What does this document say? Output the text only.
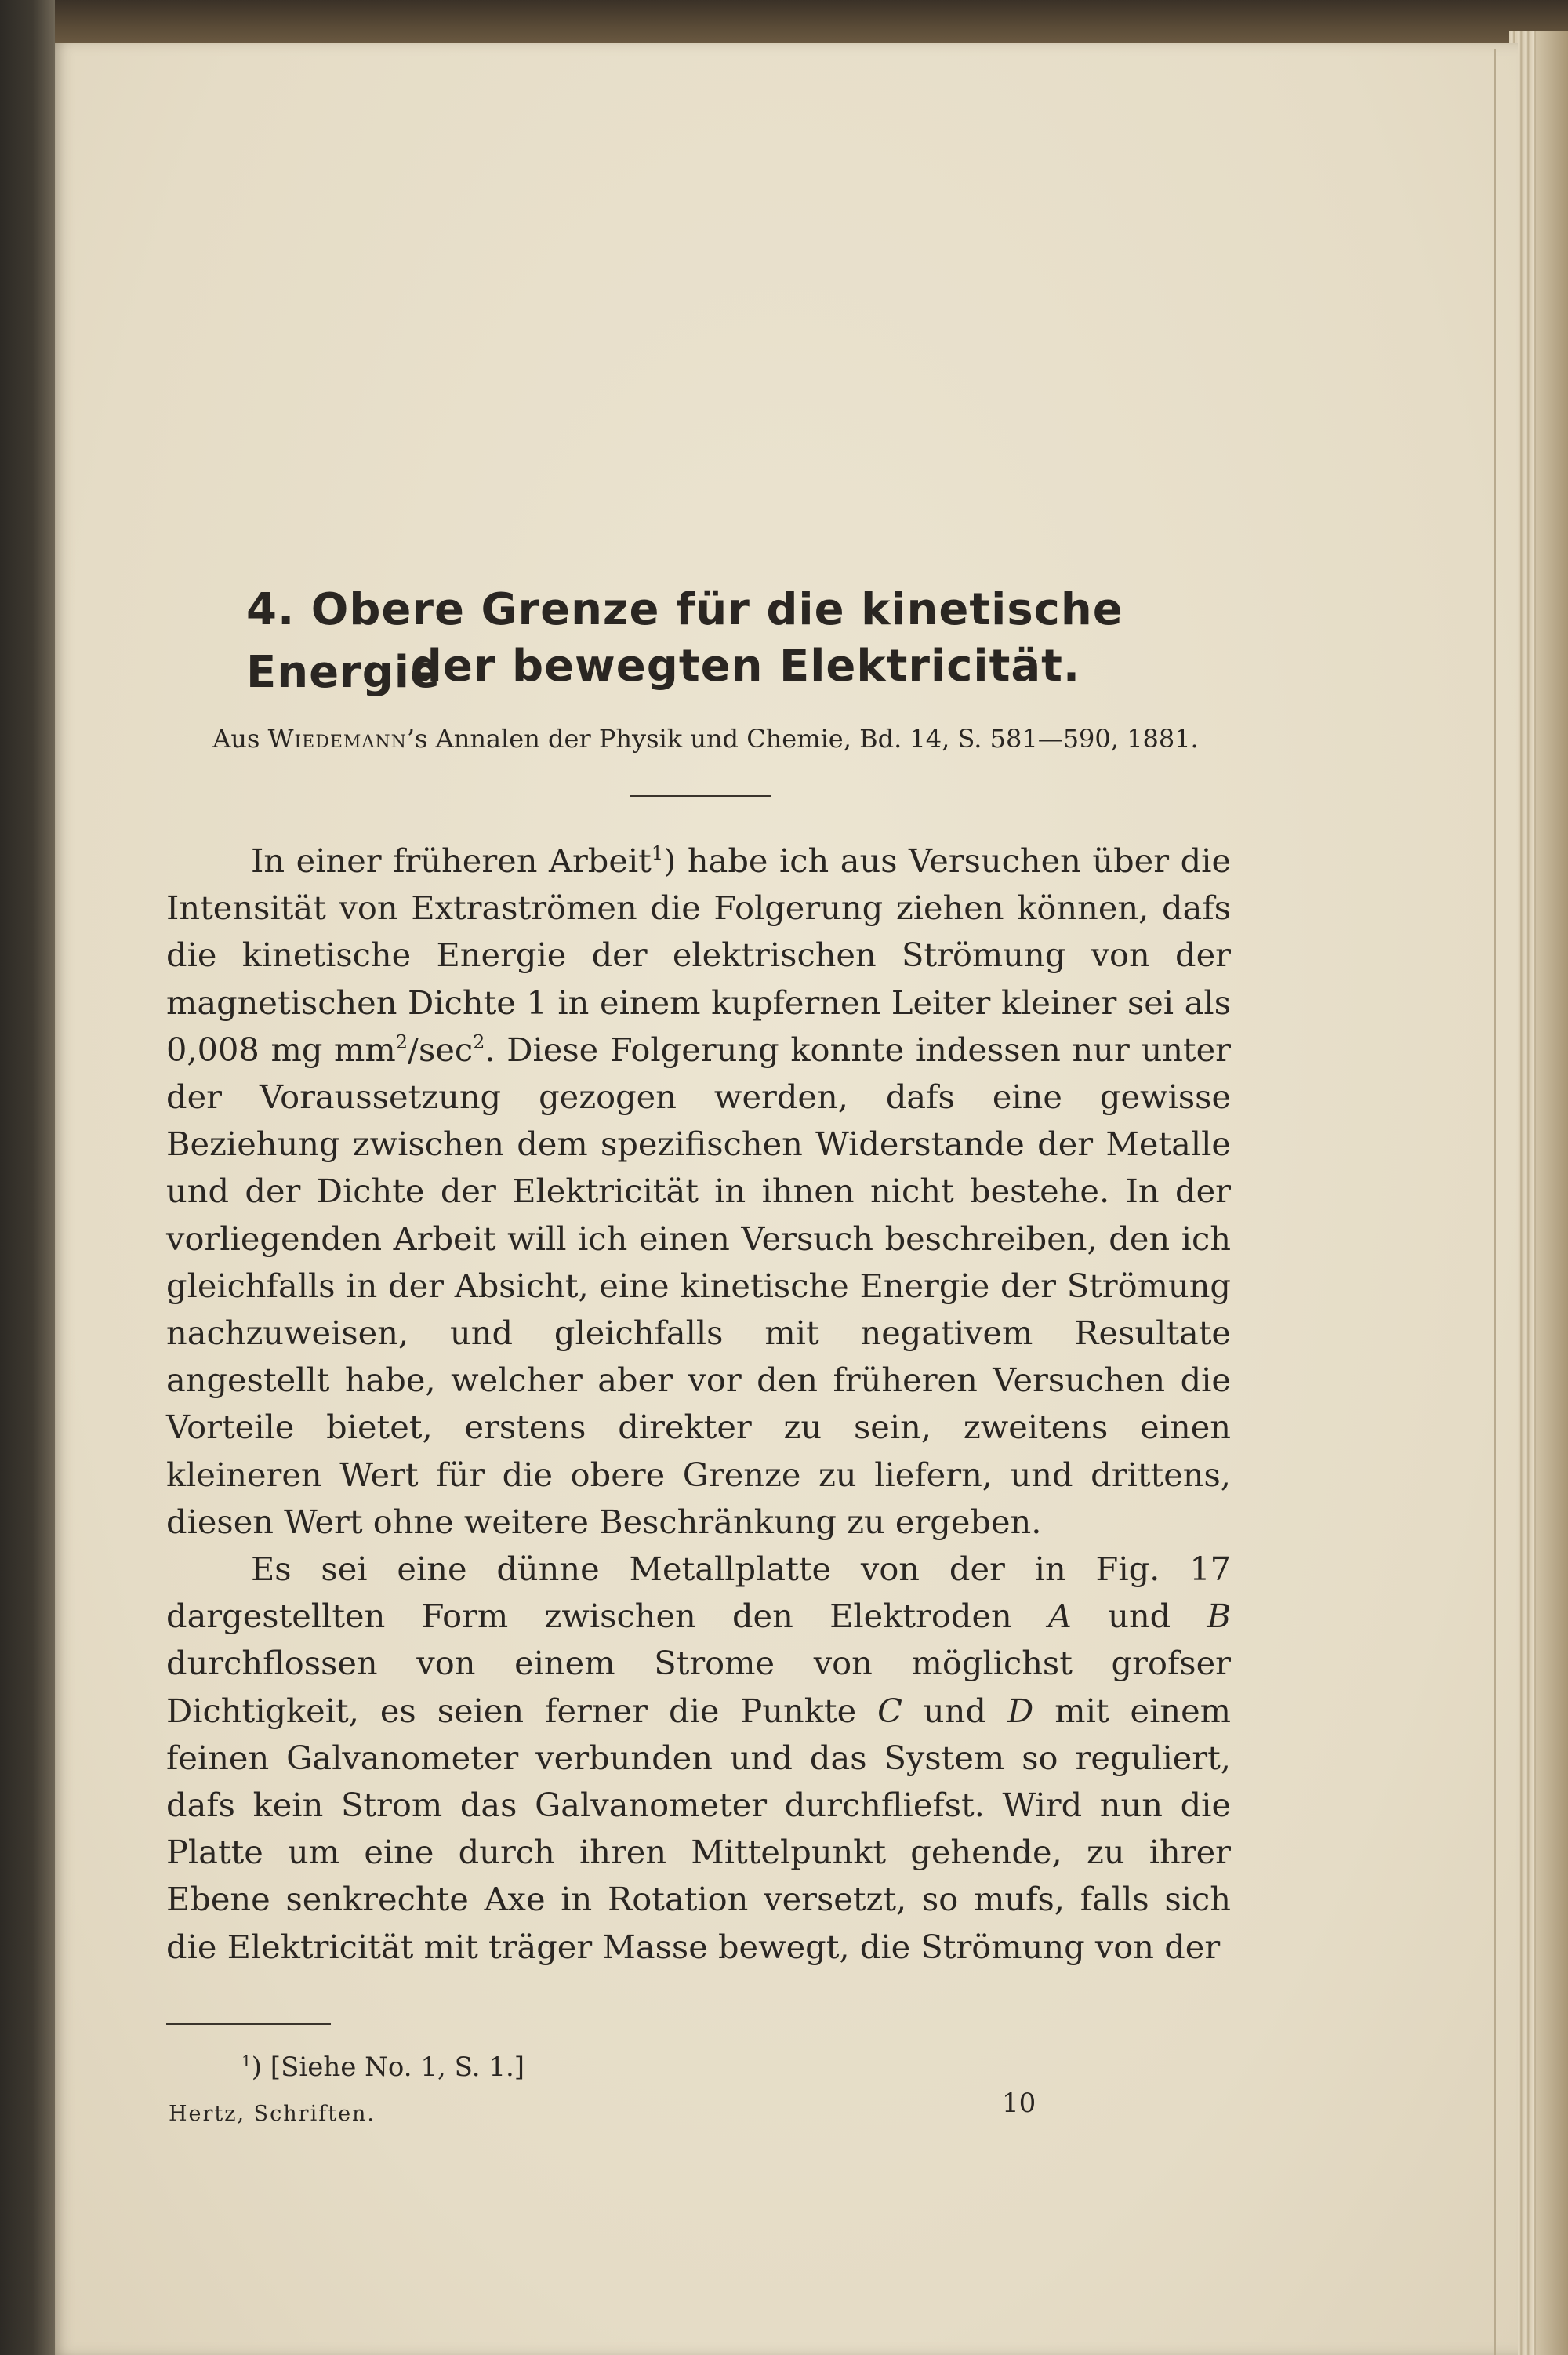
4. Obere Grenze für die kinetische Energie
der bewegten Elektricität.
Aus Wiedemann’s Annalen der Physik und Chemie, Bd. 14, S. 581—590, 1881.

In einer früheren Arbeit$^1$) habe ich aus Versuchen über die Intensität von Extraströmen die Folgerung ziehen können, dafs die kinetische Energie der elektrischen Strömung von der magnetischen Dichte 1 in einem kupfernen Leiter kleiner sei als 0,008 mg $mm^2/\sec^2$. Diese Folgerung konnte indessen nur unter der Voraussetzung gezogen werden, dafs eine gewisse Beziehung zwischen dem spezifischen Widerstande der Metalle und der Dichte der Elektricität in ihnen nicht bestehe. In der vorliegenden Arbeit will ich einen Versuch beschreiben, den ich gleichfalls in der Absicht, eine kinetische Energie der Strömung nachzuweisen, und gleichfalls mit negativem Resultate angestellt habe, welcher aber vor den früheren Versuchen die Vorteile bietet, erstens direkter zu sein, zweitens einen kleineren Wert für die obere Grenze zu liefern, und drittens, diesen Wert ohne weitere Beschränkung zu ergeben.

Es sei eine dünne Metallplatte von der in Fig. 17 dargestellten Form zwischen den Elektroden A und B durchflossen von einem Strome von möglichst grofser Dichtigkeit, es seien ferner die Punkte C und D mit einem feinen Galvanometer verbunden und das System so reguliert, dafs kein Strom das Galvanometer durchfliefst. Wird nun die Platte um eine durch ihren Mittelpunkt gehende, zu ihrer Ebene senkrechte Axe in Rotation versetzt, so mufs, falls sich die Elektricität mit träger Masse bewegt, die Strömung von der

$^1$) [Siehe No. 1, S. 1.]
Hertz, Schriften.	10
